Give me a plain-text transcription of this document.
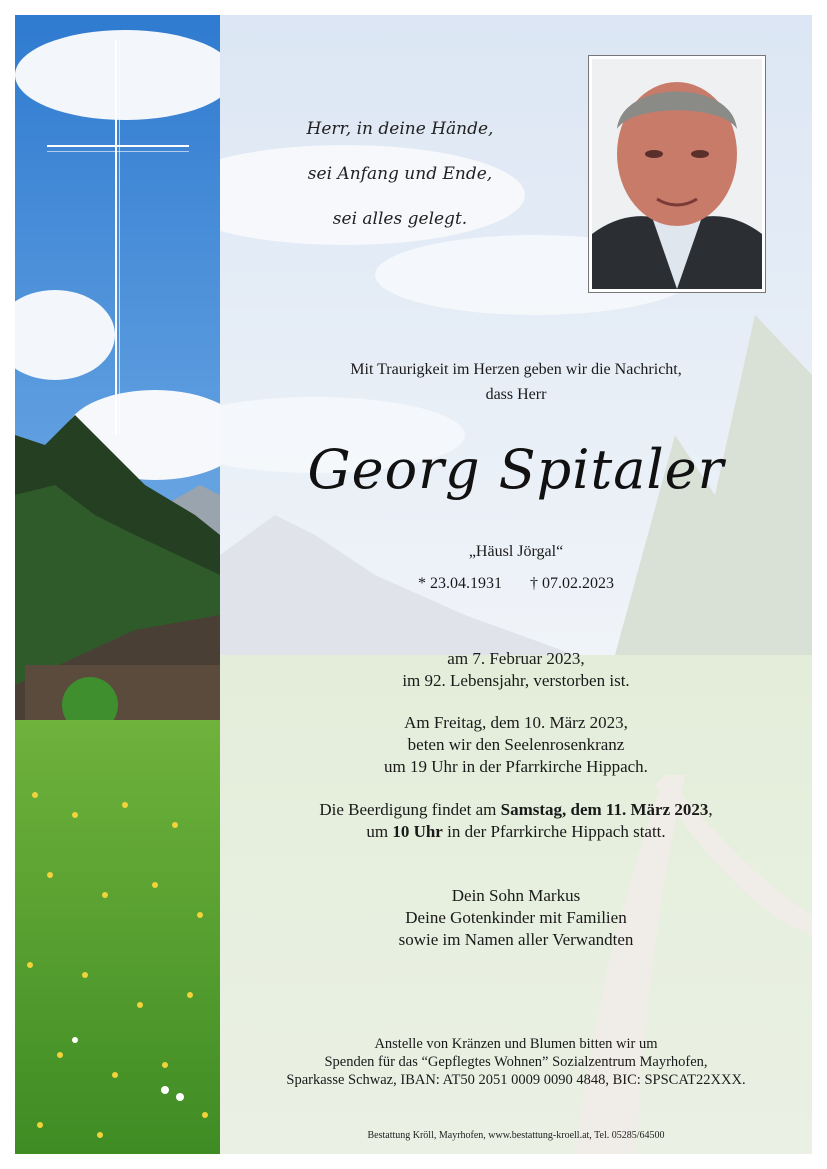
Herr, in deine Hände,
sei Anfang und Ende,
sei alles gelegt.
Mit Traurigkeit im Herzen geben wir die Nachricht,
dass Herr
Georg Spitaler
„Häusl Jörgal“
* 23.04.1931 † 07.02.2023
am 7. Februar 2023,
im 92. Lebensjahr, verstorben ist.
Am Freitag, dem 10. März 2023,
beten wir den Seelenrosenkranz
um 19 Uhr in der Pfarrkirche Hippach.
Die Beerdigung findet am Samstag, dem 11. März 2023,
um 10 Uhr in der Pfarrkirche Hippach statt.
Dein Sohn Markus
Deine Gotenkinder mit Familien
sowie im Namen aller Verwandten
Anstelle von Kränzen und Blumen bitten wir um
Spenden für das “Gepflegtes Wohnen” Sozialzentrum Mayrhofen,
Sparkasse Schwaz, IBAN: AT50 2051 0009 0090 4848, BIC: SPSCAT22XXX.
Bestattung Kröll, Mayrhofen, www.bestattung-kroell.at, Tel. 05285/64500
